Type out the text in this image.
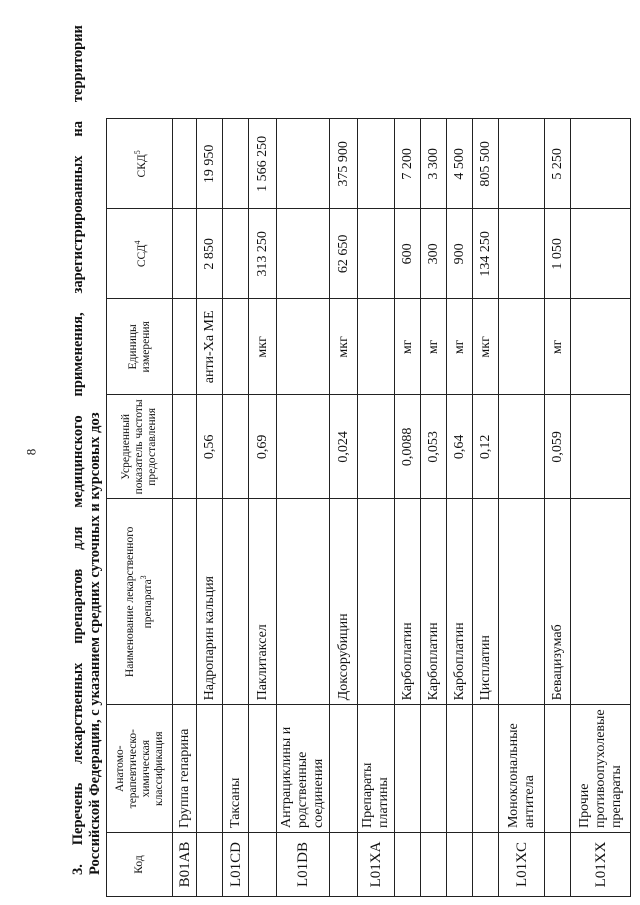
8
3.
Перечень
лекарственных
препаратов
для
медицинского
применения,
зарегистрированных
на
территории
Российской Федерации, с указанием средних суточных и курсовых доз	Код	Анатомо-терапевтическо-химическая классификация	Наименование лекарственного препарата$^3$	Усредненный показатель частоты предоставления	Единицы измерения	ССД$^4$	СКД$^5$
B01AB	Группа гепарина					
		Надропарин кальция	0,56	анти-Ха МЕ	2 850	19 950
L01CD	Таксаны					
		Паклитаксел	0,69	мкг	313 250	1 566 250
L01DB	Антрациклины и родственные соединения					
		Доксорубицин	0,024	мкг	62 650	375 900
L01XA	Препараты платины					
		Карбоплатин	0,0088	мг	600	7 200
		Карбоплатин	0,053	мг	300	3 300
		Карбоплатин	0,64	мг	900	4 500
		Цисплатин	0,12	мкг	134 250	805 500
L01XC	Моноклональные антитела					
		Бевацизумаб	0,059	мг	1 050	5 250
L01XX	Прочие противоопухолевые препараты					
